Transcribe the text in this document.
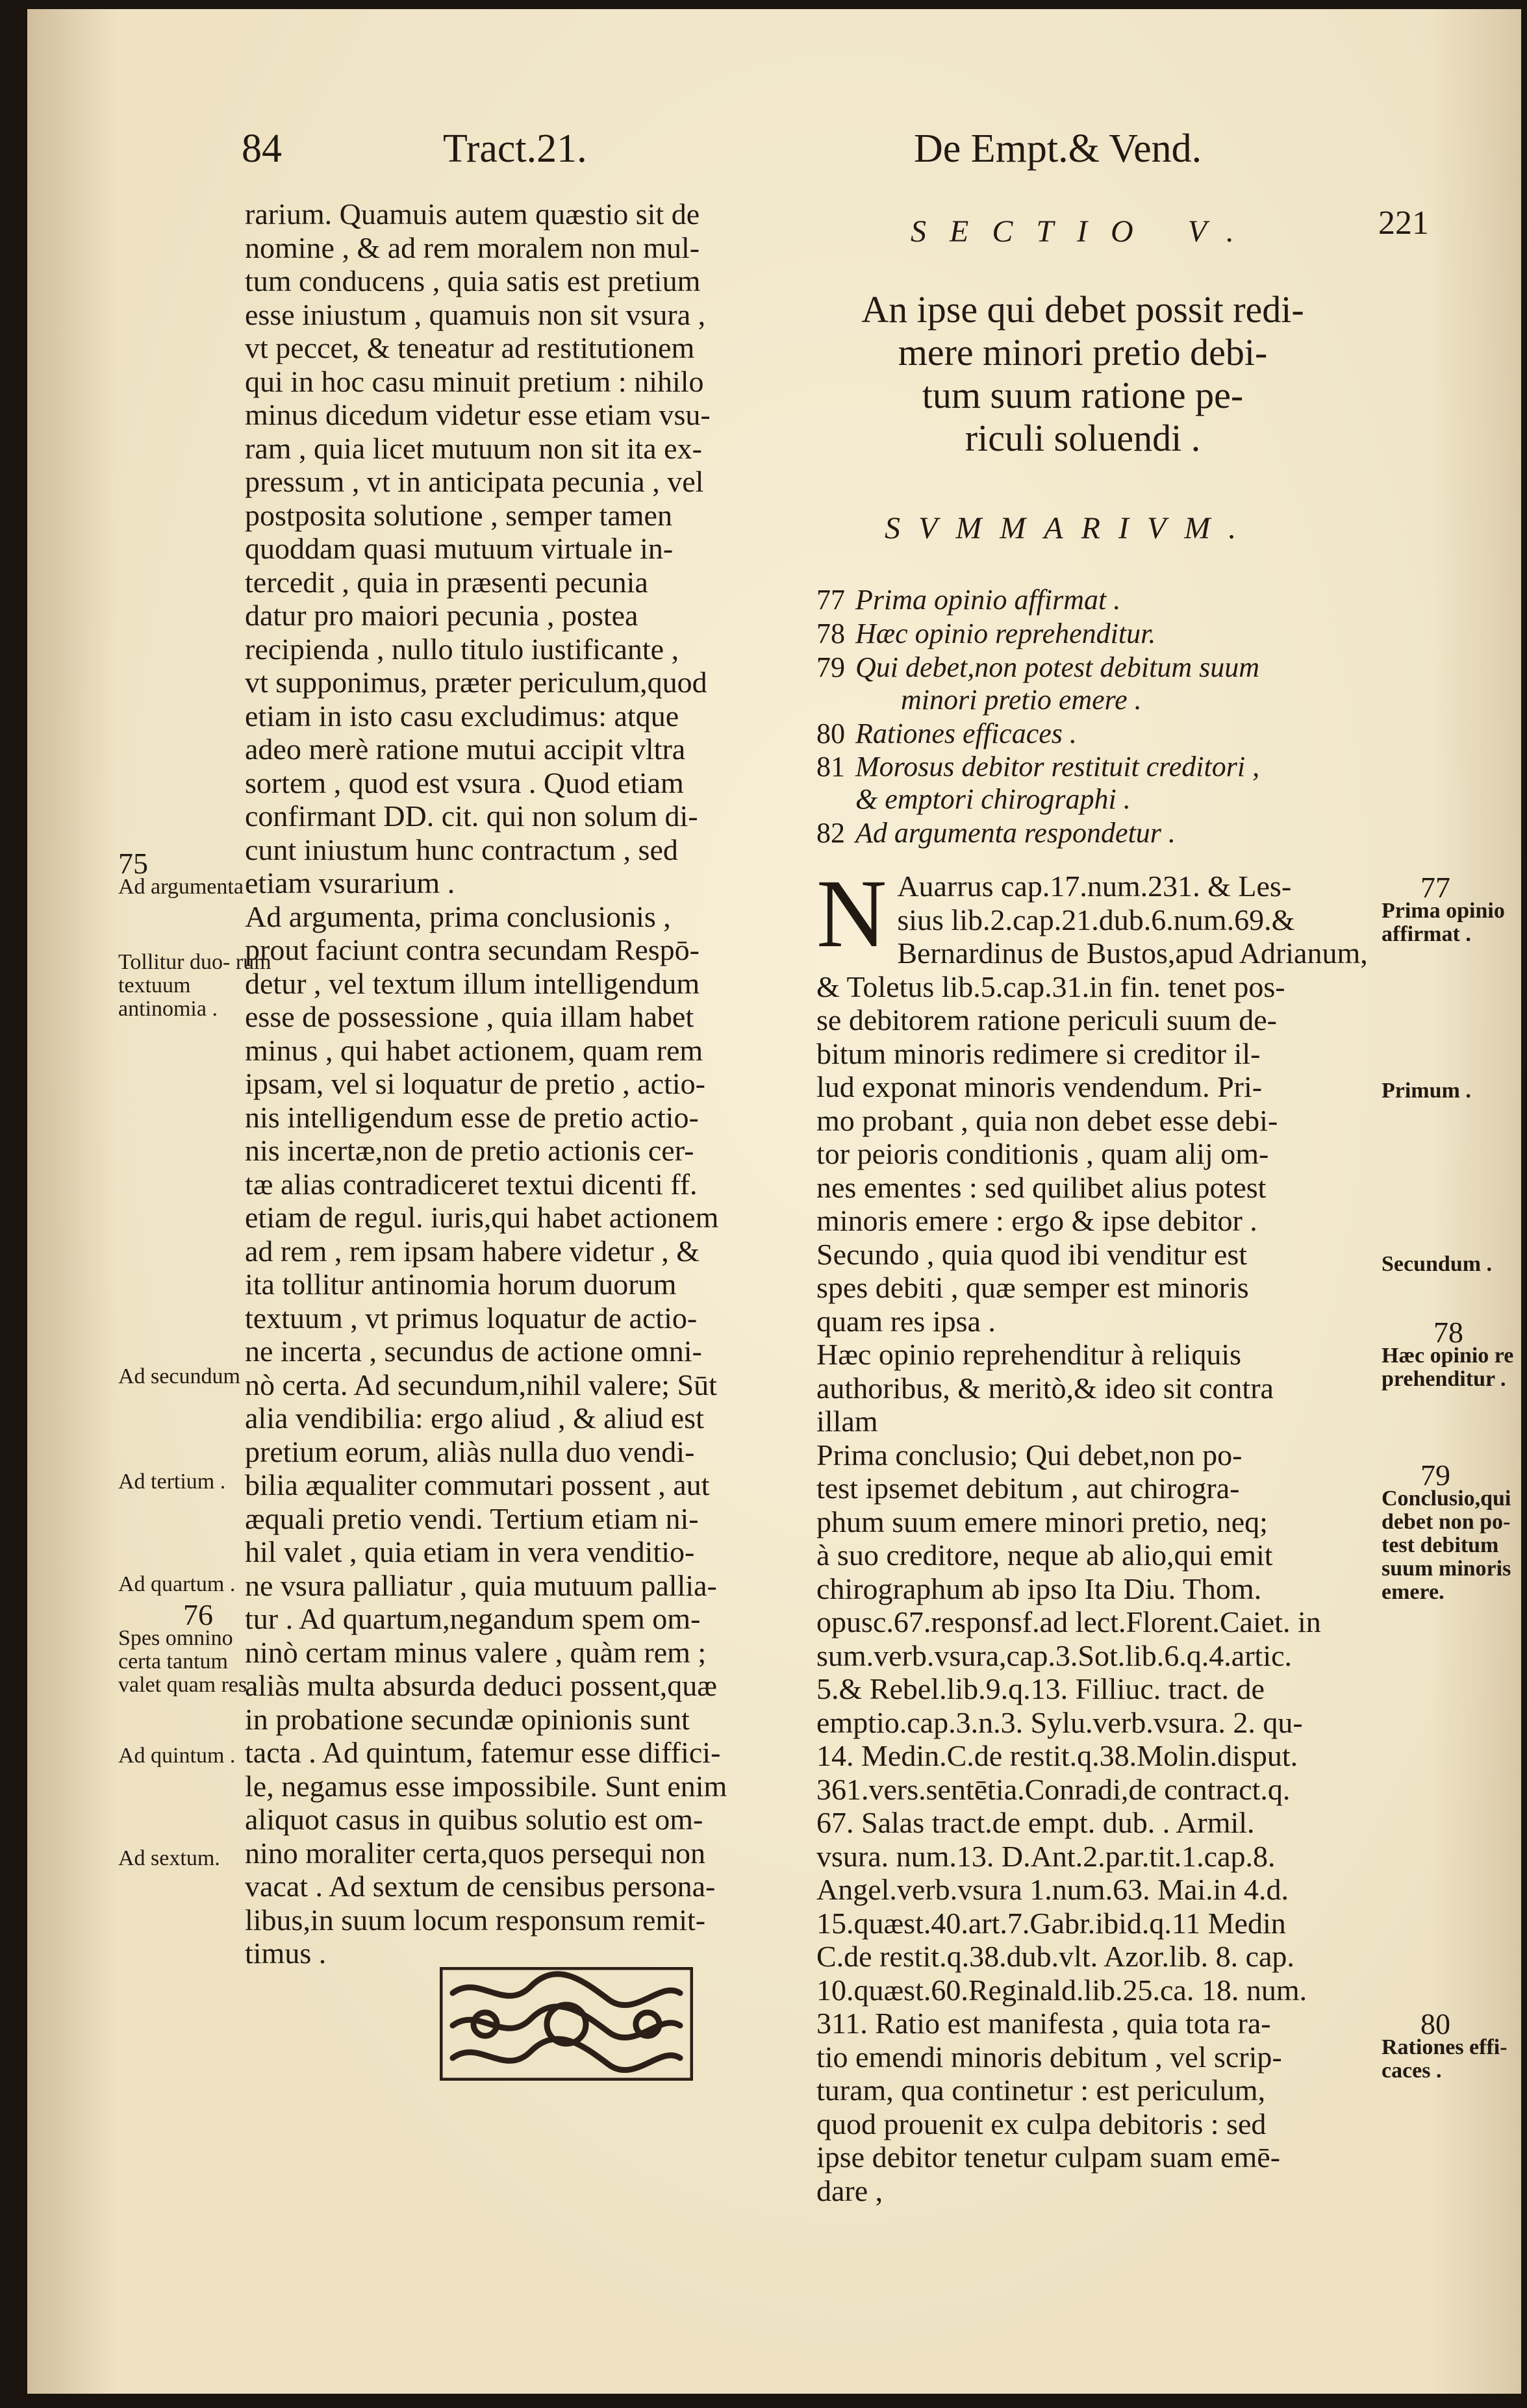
84	Tract.21.	De Empt.& Vend.
221
rarium. Quamuis autem quæstio sit de
nomine , & ad rem moralem non mul-
tum conducens , quia satis est pretium
esse iniustum , quamuis non sit vsura ,
vt peccet, & teneatur ad restitutionem
qui in hoc casu minuit pretium : nihilo
minus dicedum videtur esse etiam vsu-
ram , quia licet mutuum non sit ita ex-
pressum , vt in anticipata pecunia , vel
postposita solutione , semper tamen
quoddam quasi mutuum virtuale in-
tercedit , quia in præsenti pecunia
datur pro maiori pecunia , postea
recipienda , nullo titulo iustificante ,
vt supponimus, præter periculum,quod
etiam in isto casu excludimus: atque
adeo merè ratione mutui accipit vltra
sortem , quod est vsura . Quod etiam
confirmant DD. cit. qui non solum di-
cunt iniustum hunc contractum , sed
etiam vsurarium .
Ad argumenta, prima conclusionis ,
prout faciunt contra secundam Respō-
detur , vel textum illum intelligendum
esse de possessione , quia illam habet
minus , qui habet actionem, quam rem
ipsam, vel si loquatur de pretio , actio-
nis intelligendum esse de pretio actio-
nis incertæ,non de pretio actionis cer-
tæ alias contradiceret textui dicenti ff.
etiam de regul. iuris,qui habet actionem
ad rem , rem ipsam habere videtur , &
ita tollitur antinomia horum duorum
textuum , vt primus loquatur de actio-
ne incerta , secundus de actione omni-
nò certa. Ad secundum,nihil valere; Sūt
alia vendibilia: ergo aliud , & aliud est
pretium eorum, aliàs nulla duo vendi-
bilia æqualiter commutari possent , aut
æquali pretio vendi. Tertium etiam ni-
hil valet , quia etiam in vera venditio-
ne vsura palliatur , quia mutuum pallia-
tur . Ad quartum,negandum spem om-
ninò certam minus valere , quàm rem ;
aliàs multa absurda deduci possent,quæ
in probatione secundæ opinionis sunt
tacta . Ad quintum, fatemur esse diffici-
le, negamus esse impossibile. Sunt enim
aliquot casus in quibus solutio est om-
nino moraliter certa,quos persequi non
vacat . Ad sextum de censibus persona-
libus,in suum locum responsum remit-
timus .
75
Ad argumenta
Tollitur duo- rum textuum antinomia .
Ad secundum
Ad tertium .
Ad quartum .
76
Spes omnino certa tantum valet quam res .
Ad quintum .
Ad sextum.
SECTIO V.
An ipse qui debet possit redi-
mere minori pretio debi-
tum suum ratione pe-
riculi soluendi .
SVMMARIVM.
77 Prima opinio affirmat .
78 Hæc opinio reprehenditur.
79 Qui debet,non potest debitum suum
minori pretio emere .
80 Rationes efficaces .
81 Morosus debitor restituit creditori ,
& emptori chirographi .
82 Ad argumenta respondetur .
N Auarrus cap.17.num.231. & Les-
sius lib.2.cap.21.dub.6.num.69.&
Bernardinus de Bustos,apud Adrianum,
& Toletus lib.5.cap.31.in fin. tenet pos-
se debitorem ratione periculi suum de-
bitum minoris redimere si creditor il-
lud exponat minoris vendendum. Pri-
mo probant , quia non debet esse debi-
tor peioris conditionis , quam alij om-
nes ementes : sed quilibet alius potest
minoris emere : ergo & ipse debitor .
Secundo , quia quod ibi venditur est
spes debiti , quæ semper est minoris
quam res ipsa .
Hæc opinio reprehenditur à reliquis
authoribus, & meritò,& ideo sit contra
illam
Prima conclusio; Qui debet,non po-
test ipsemet debitum , aut chirogra-
phum suum emere minori pretio, neq;
à suo creditore, neque ab alio,qui emit
chirographum ab ipso Ita Diu. Thom.
opusc.67.responsf.ad lect.Florent.Caiet. in
sum.verb.vsura,cap.3.Sot.lib.6.q.4.artic.
5.& Rebel.lib.9.q.13. Filliuc. tract. de
emptio.cap.3.n.3. Sylu.verb.vsura. 2. qu-
14. Medin.C.de restit.q.38.Molin.disput.
361.vers.sentētia.Conradi,de contract.q.
67. Salas tract.de empt. dub. . Armil.
vsura. num.13. D.Ant.2.par.tit.1.cap.8.
Angel.verb.vsura 1.num.63. Mai.in 4.d.
15.quæst.40.art.7.Gabr.ibid.q.11 Medin
C.de restit.q.38.dub.vlt. Azor.lib. 8. cap.
10.quæst.60.Reginald.lib.25.ca. 18. num.
311. Ratio est manifesta , quia tota ra-
tio emendi minoris debitum , vel scrip-
turam, qua continetur : est periculum,
quod prouenit ex culpa debitoris : sed
ipse debitor tenetur culpam suam emē-
dare ,
77
Prima opinio affirmat .
Primum .
Secundum .
78
Hæc opinio re prehenditur .
79
Conclusio,qui debet non po- test debitum suum minoris emere.
80
Rationes effi- caces .
